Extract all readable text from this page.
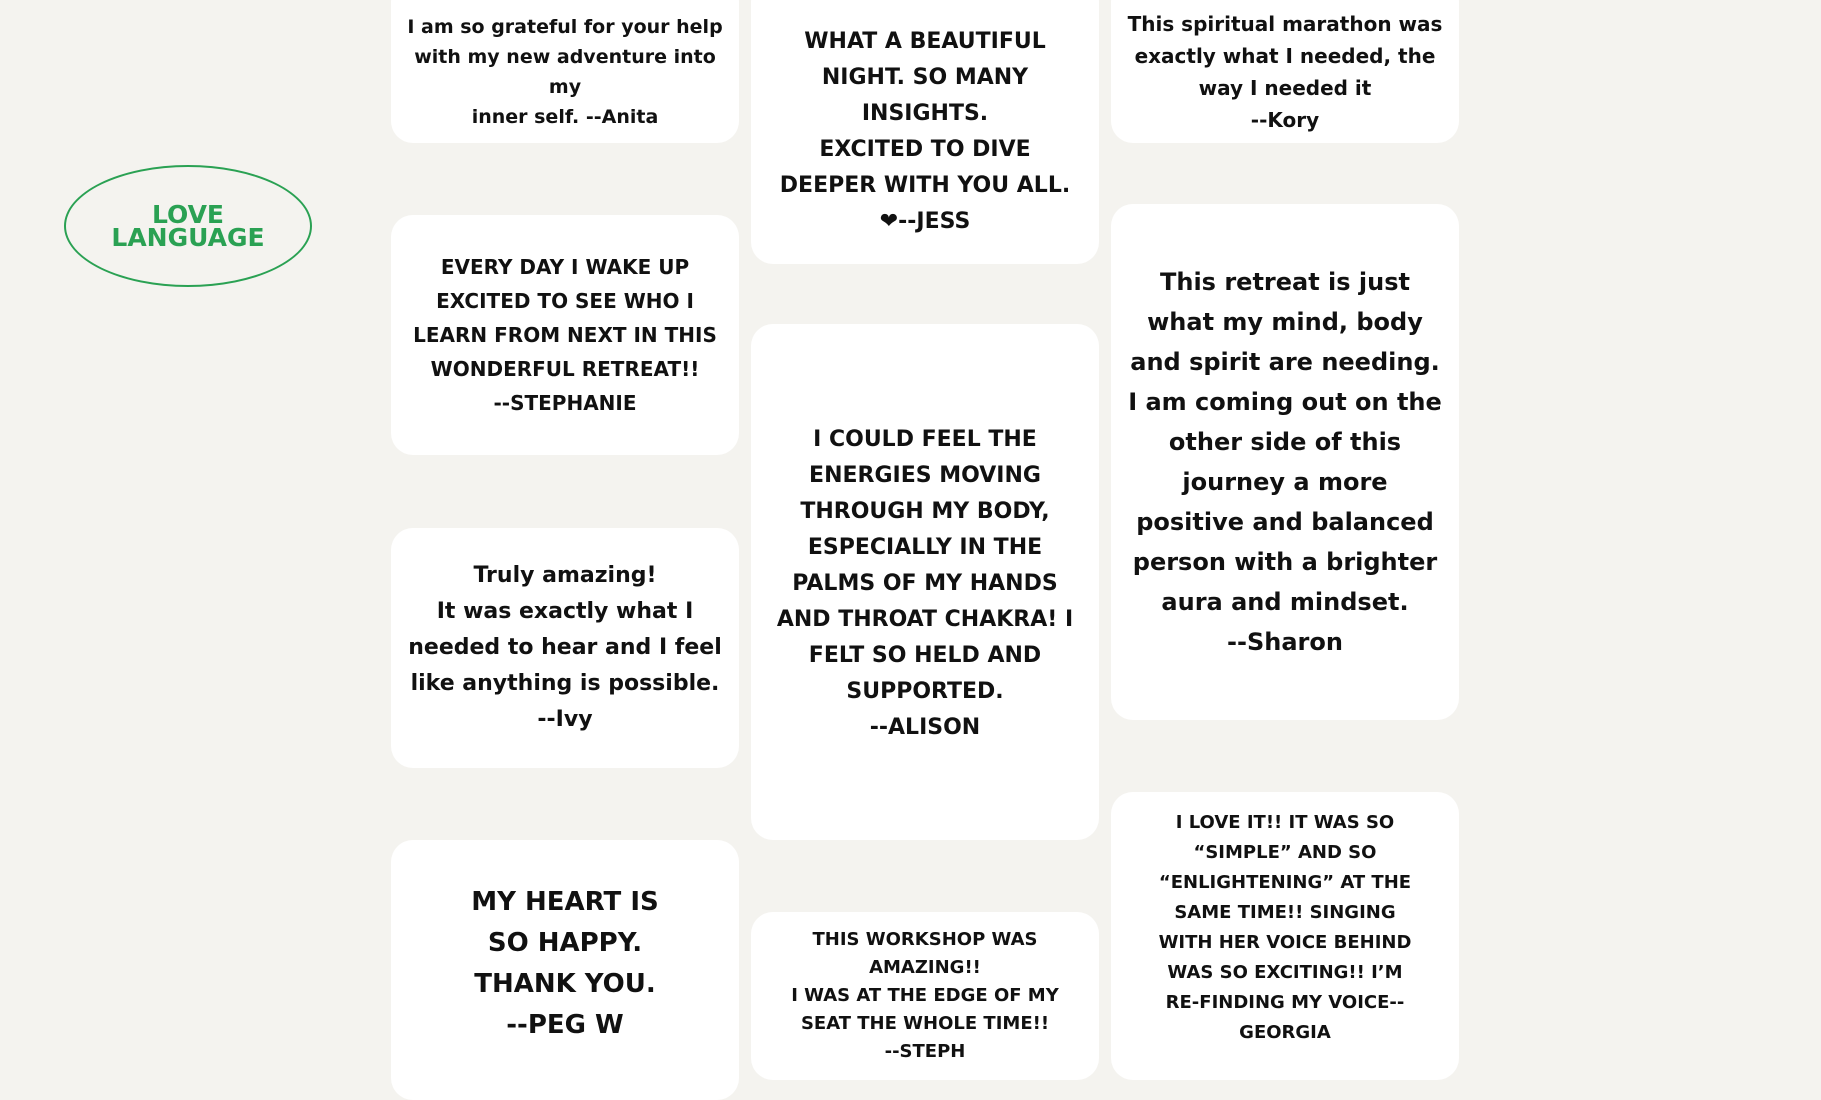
LOVE
LANGUAGE
I am so grateful for your help
with my new adventure into my
inner self. --Anita
EVERY DAY I WAKE UP
EXCITED TO SEE WHO I
LEARN FROM NEXT IN THIS
WONDERFUL RETREAT!!
--STEPHANIE
Truly amazing!
It was exactly what I
needed to hear and I feel
like anything is possible.
--Ivy
MY HEART IS
SO HAPPY.
THANK YOU.
--PEG W
WHAT A BEAUTIFUL
NIGHT. SO MANY
INSIGHTS.
EXCITED TO DIVE
DEEPER WITH YOU ALL.
❤--JESS
I COULD FEEL THE
ENERGIES MOVING
THROUGH MY BODY,
ESPECIALLY IN THE
PALMS OF MY HANDS
AND THROAT CHAKRA! I
FELT SO HELD AND
SUPPORTED.
--ALISON
THIS WORKSHOP WAS
AMAZING!!
I WAS AT THE EDGE OF MY
SEAT THE WHOLE TIME!!
--STEPH
This spiritual marathon was
exactly what I needed, the
way I needed it
--Kory
This retreat is just
what my mind, body
and spirit are needing.
I am coming out on the
other side of this
journey a more
positive and balanced
person with a brighter
aura and mindset.
--Sharon
I LOVE IT!! IT WAS SO
“SIMPLE” AND SO
“ENLIGHTENING” AT THE
SAME TIME!! SINGING
WITH HER VOICE BEHIND
WAS SO EXCITING!! I’M
RE-FINDING MY VOICE--
GEORGIA
